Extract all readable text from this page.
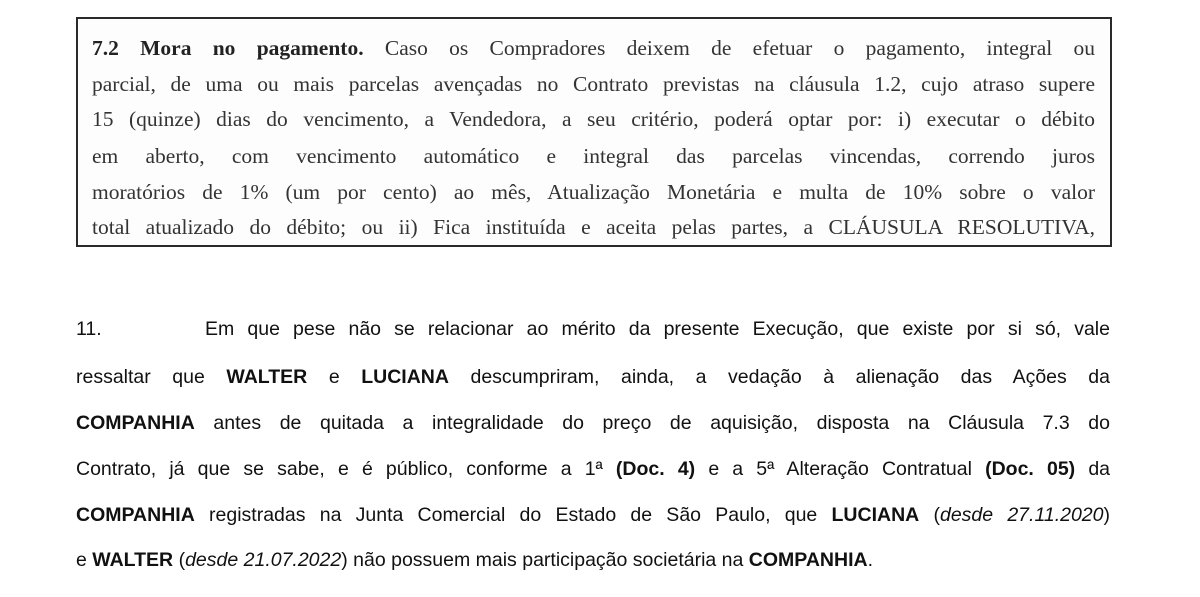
7.2 Mora no pagamento. Caso os Compradores deixem de efetuar o pagamento, integral ou
parcial, de uma ou mais parcelas avençadas no Contrato previstas na cláusula 1.2, cujo atraso supere
15 (quinze) dias do vencimento, a Vendedora, a seu critério, poderá optar por: i) executar o débito
em aberto, com vencimento automático e integral das parcelas vincendas, correndo juros
moratórios de 1% (um por cento) ao mês, Atualização Monetária e multa de 10% sobre o valor
total atualizado do débito; ou ii) Fica instituída e aceita pelas partes, a CLÁUSULA RESOLUTIVA,
11.	Em que pese não se relacionar ao mérito da presente Execução, que existe por si só, vale
ressaltar que WALTER e LUCIANA descumpriram, ainda, a vedação à alienação das Ações da
COMPANHIA antes de quitada a integralidade do preço de aquisição, disposta na Cláusula 7.3 do
Contrato, já que se sabe, e é público, conforme a 1ª (Doc. 4) e a 5ª Alteração Contratual (Doc. 05) da
COMPANHIA registradas na Junta Comercial do Estado de São Paulo, que LUCIANA (desde 27.11.2020)
e WALTER (desde 21.07.2022) não possuem mais participação societária na COMPANHIA.
